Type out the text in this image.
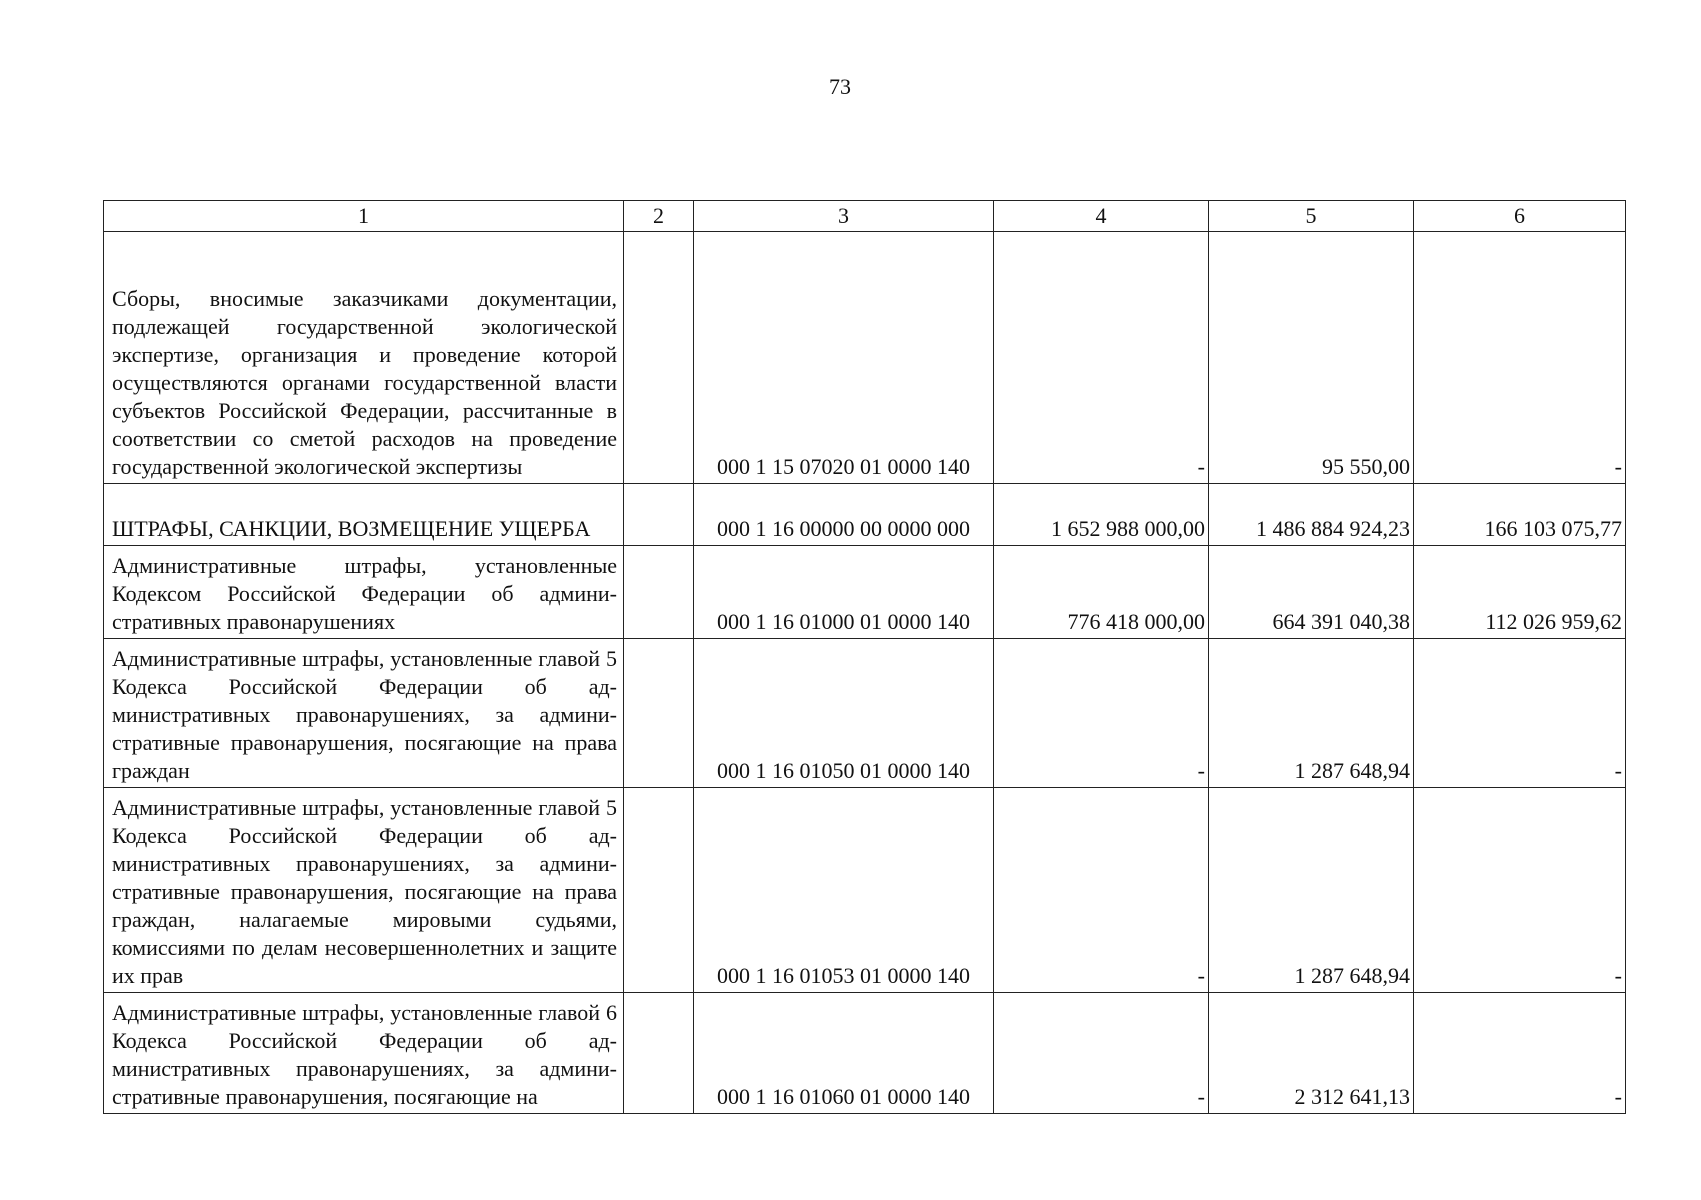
73
1	2	3	4	5	6
Сборы, вносимые заказчиками документации, подлежащей государственной экологической экспертизе, организация и проведение которой осуществляются органами государственной власти субъектов Российской Федерации, рассчитанные в соответствии со сметой расходов на проведение государственной экологической экспертизы		000 1 15 07020 01 0000 140	-	95 550,00	-
ШТРАФЫ, САНКЦИИ, ВОЗМЕЩЕНИЕ УЩЕРБА		000 1 16 00000 00 0000 000	1 652 988 000,00	1 486 884 924,23	166 103 075,77
Административные штрафы, установленные Кодексом Российской Федерации об административных правонарушениях		000 1 16 01000 01 0000 140	776 418 000,00	664 391 040,38	112 026 959,62
Административные штрафы, установленные главой 5 Кодекса Российской Федерации об административных правонарушениях, за административные правонарушения, посягающие на права граждан		000 1 16 01050 01 0000 140	-	1 287 648,94	-
Административные штрафы, установленные главой 5 Кодекса Российской Федерации об административных правонарушениях, за административные правонарушения, посягающие на права граждан, налагаемые мировыми судьями, комиссиями по делам несовершеннолетних и защите их прав		000 1 16 01053 01 0000 140	-	1 287 648,94	-
Административные штрафы, установленные главой 6 Кодекса Российской Федерации об административных правонарушениях, за административные правонарушения, посягающие на		000 1 16 01060 01 0000 140	-	2 312 641,13	-
